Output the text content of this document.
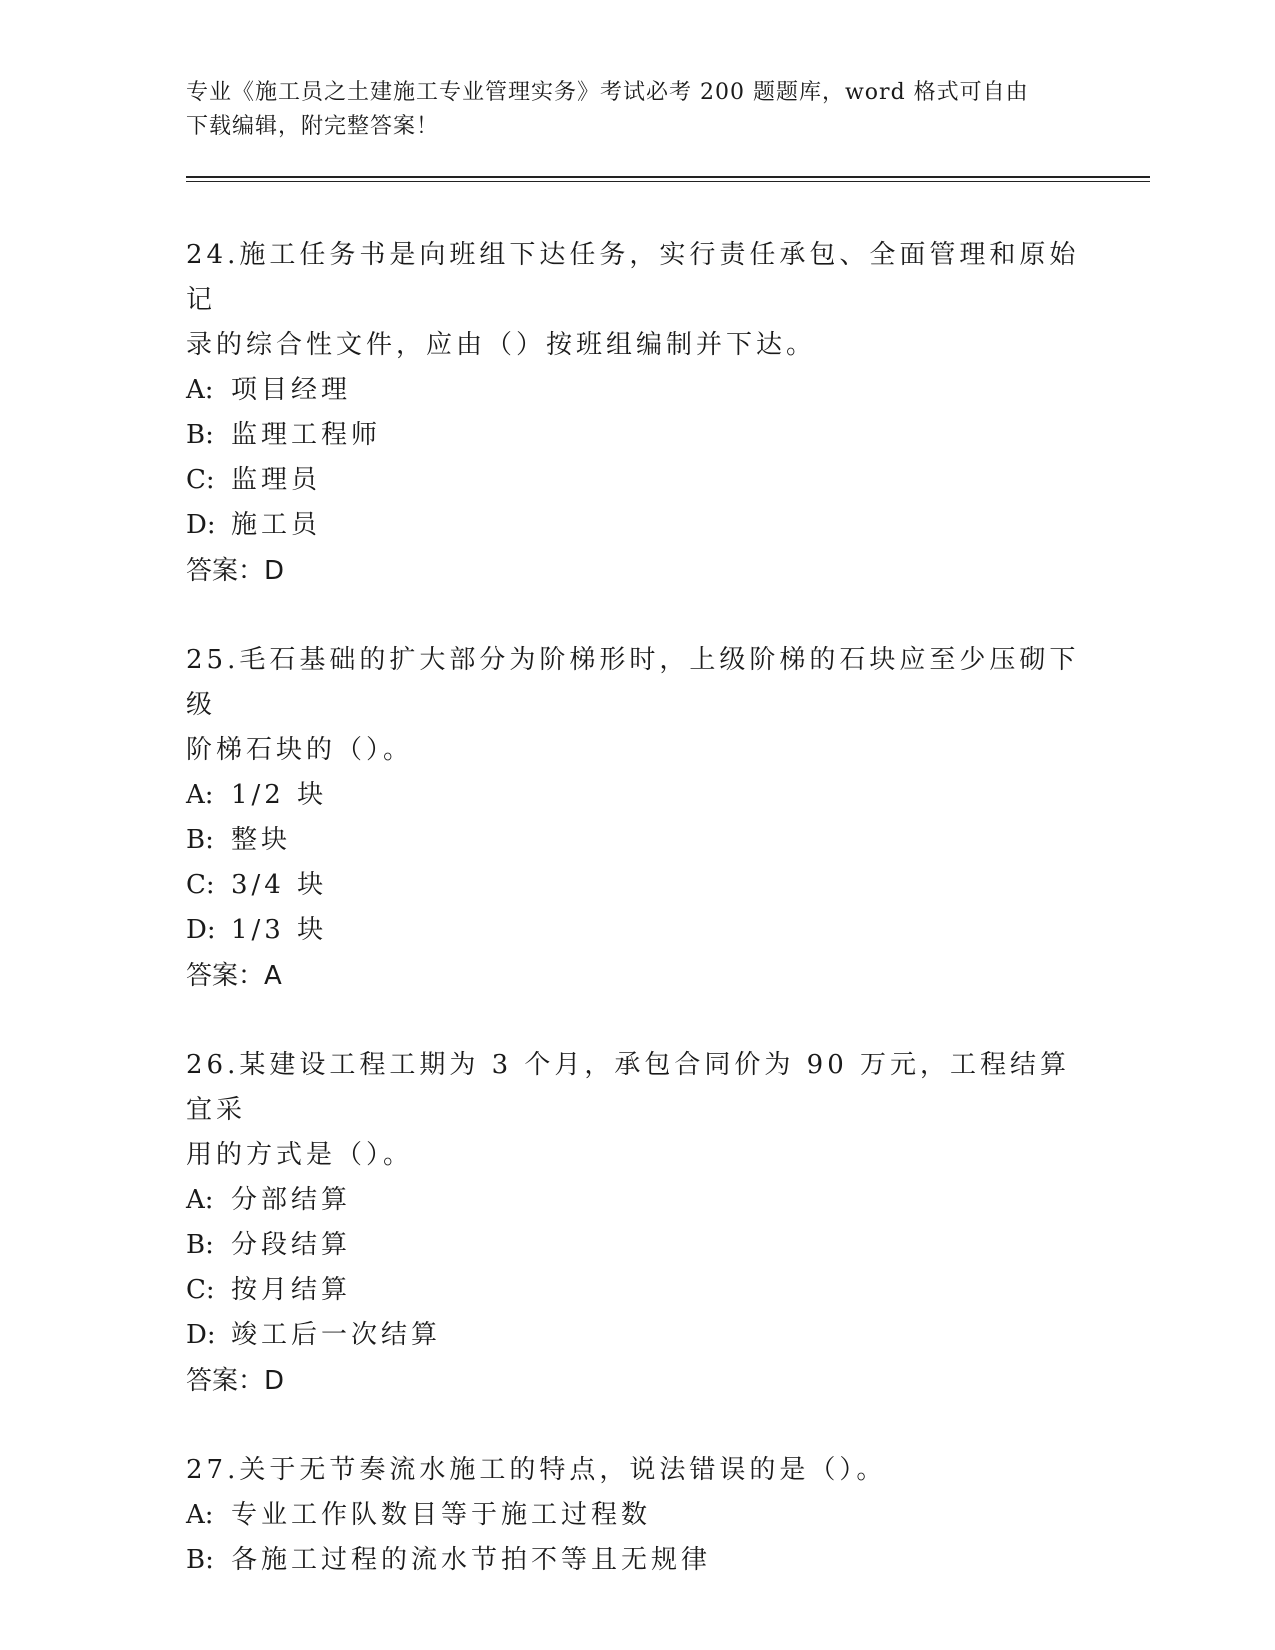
专业《施工员之土建施工专业管理实务》考试必考 200 题题库，word 格式可自由
下载编辑，附完整答案！

24.施工任务书是向班组下达任务，实行责任承包、全面管理和原始记

录的综合性文件，应由（）按班组编制并下达。

A: 项目经理

B: 监理工程师

C: 监理员

D: 施工员

答案：D

25.毛石基础的扩大部分为阶梯形时，上级阶梯的石块应至少压砌下级

阶梯石块的（）。

A: 1/2 块

B: 整块

C: 3/4 块

D: 1/3 块

答案：A

26.某建设工程工期为 3 个月，承包合同价为 90 万元，工程结算宜采

用的方式是（）。

A: 分部结算

B: 分段结算

C: 按月结算

D: 竣工后一次结算

答案：D

27.关于无节奏流水施工的特点，说法错误的是（）。

A: 专业工作队数目等于施工过程数

B: 各施工过程的流水节拍不等且无规律
